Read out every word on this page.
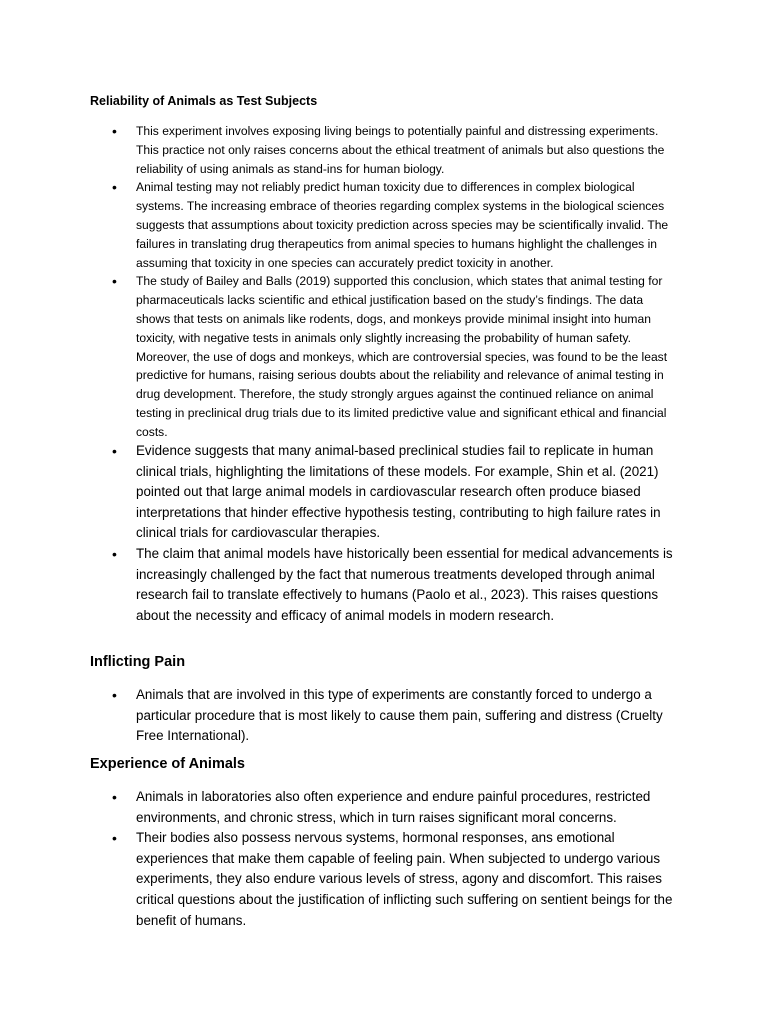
Reliability of Animals as Test Subjects
• This experiment involves exposing living beings to potentially painful and distressing experiments. This practice not only raises concerns about the ethical treatment of animals but also questions the reliability of using animals as stand-ins for human biology.
• Animal testing may not reliably predict human toxicity due to differences in complex biological systems. The increasing embrace of theories regarding complex systems in the biological sciences suggests that assumptions about toxicity prediction across species may be scientifically invalid. The failures in translating drug therapeutics from animal species to humans highlight the challenges in assuming that toxicity in one species can accurately predict toxicity in another.
• The study of Bailey and Balls (2019) supported this conclusion, which states that animal testing for pharmaceuticals lacks scientific and ethical justification based on the study’s findings. The data shows that tests on animals like rodents, dogs, and monkeys provide minimal insight into human toxicity, with negative tests in animals only slightly increasing the probability of human safety. Moreover, the use of dogs and monkeys, which are controversial species, was found to be the least predictive for humans, raising serious doubts about the reliability and relevance of animal testing in drug development. Therefore, the study strongly argues against the continued reliance on animal testing in preclinical drug trials due to its limited predictive value and significant ethical and financial costs.
• Evidence suggests that many animal-based preclinical studies fail to replicate in human clinical trials, highlighting the limitations of these models. For example, Shin et al. (2021) pointed out that large animal models in cardiovascular research often produce biased interpretations that hinder effective hypothesis testing, contributing to high failure rates in clinical trials for cardiovascular therapies.
• The claim that animal models have historically been essential for medical advancements is increasingly challenged by the fact that numerous treatments developed through animal research fail to translate effectively to humans (Paolo et al., 2023). This raises questions about the necessity and efficacy of animal models in modern research.
Inflicting Pain
• Animals that are involved in this type of experiments are constantly forced to undergo a particular procedure that is most likely to cause them pain, suffering and distress (Cruelty Free International).
Experience of Animals
• Animals in laboratories also often experience and endure painful procedures, restricted environments, and chronic stress, which in turn raises significant moral concerns.
• Their bodies also possess nervous systems, hormonal responses, ans emotional experiences that make them capable of feeling pain. When subjected to undergo various experiments, they also endure various levels of stress, agony and discomfort. This raises critical questions about the justification of inflicting such suffering on sentient beings for the benefit of humans.
